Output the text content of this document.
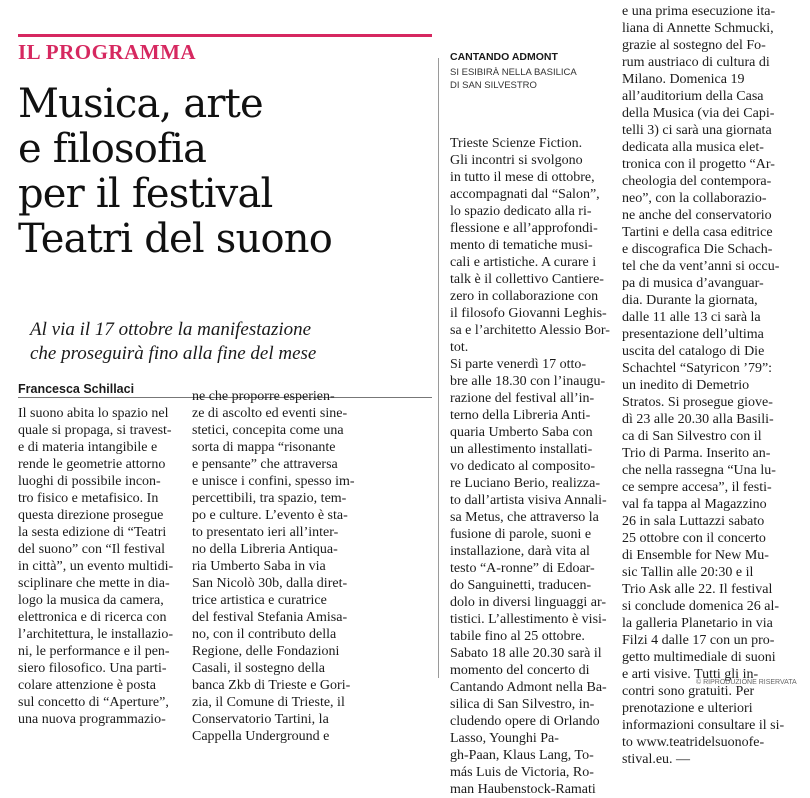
IL PROGRAMMA
Musica, arte
e filosofia
per il festival
Teatri del suono
Al via il 17 ottobre la manifestazione
che proseguirà fino alla fine del mese
Francesca Schillaci
CANTANDO ADMONT
SI ESIBIRÀ NELLA BASILICA
DI SAN SILVESTRO
Il suono abita lo spazio nel
quale si propaga, si travest-
e di materia intangibile e
rende le geometrie attorno
luoghi di possibile incon-
tro fisico e metafisico. In
questa direzione prosegue
la sesta edizione di “Teatri
del suono” con “Il festival
in città”, un evento multidi-
sciplinare che mette in dia-
logo la musica da camera,
elettronica e di ricerca con
l’architettura, le installazio-
ni, le performance e il pen-
siero filosofico. Una parti-
colare attenzione è posta
sul concetto di “Aperture”,
una nuova programmazio-
ne che proporre esperien-
ze di ascolto ed eventi sine-
stetici, concepita come una
sorta di mappa “risonante
e pensante” che attraversa
e unisce i confini, spesso im-
percettibili, tra spazio, tem-
po e culture. L’evento è sta-
to presentato ieri all’inter-
no della Libreria Antiqua-
ria Umberto Saba in via
San Nicolò 30b, dalla diret-
trice artistica e curatrice
del festival Stefania Amisa-
no, con il contributo della
Regione, delle Fondazioni
Casali, il sostegno della
banca Zkb di Trieste e Gori-
zia, il Comune di Trieste, il
Conservatorio Tartini, la
Cappella Underground e
Trieste Scienze Fiction.
Gli incontri si svolgono
in tutto il mese di ottobre,
accompagnati dal “Salon”,
lo spazio dedicato alla ri-
flessione e all’approfondi-
mento di tematiche musi-
cali e artistiche. A curare i
talk è il collettivo Cantiere-
zero in collaborazione con
il filosofo Giovanni Leghis-
sa e l’architetto Alessio Bor-
tot.
Si parte venerdì 17 otto-
bre alle 18.30 con l’inaugu-
razione del festival all’in-
terno della Libreria Anti-
quaria Umberto Saba con
un allestimento installati-
vo dedicato al composito-
re Luciano Berio, realizza-
to dall’artista visiva Annali-
sa Metus, che attraverso la
fusione di parole, suoni e
installazione, darà vita al
testo “A-ronne” di Edoar-
do Sanguinetti, traducen-
dolo in diversi linguaggi ar-
tistici. L’allestimento è visi-
tabile fino al 25 ottobre.
Sabato 18 alle 20.30 sarà il
momento del concerto di
Cantando Admont nella Ba-
silica di San Silvestro, in-
cludendo opere di Orlando
Lasso, Younghi Pa-
gh-Paan, Klaus Lang, To-
más Luis de Victoria, Ro-
man Haubenstock-Ramati
e una prima esecuzione ita-
liana di Annette Schmucki,
grazie al sostegno del Fo-
rum austriaco di cultura di
Milano. Domenica 19
all’auditorium della Casa
della Musica (via dei Capi-
telli 3) ci sarà una giornata
dedicata alla musica elet-
tronica con il progetto “Ar-
cheologia del contempora-
neo”, con la collaborazio-
ne anche del conservatorio
Tartini e della casa editrice
e discografica Die Schach-
tel che da vent’anni si occu-
pa di musica d’avanguar-
dia. Durante la giornata,
dalle 11 alle 13 ci sarà la
presentazione dell’ultima
uscita del catalogo di Die
Schachtel “Satyricon ’79”:
un inedito di Demetrio
Stratos. Si prosegue giove-
dì 23 alle 20.30 alla Basili-
ca di San Silvestro con il
Trio di Parma. Inserito an-
che nella rassegna “Una lu-
ce sempre accesa”, il festi-
val fa tappa al Magazzino
26 in sala Luttazzi sabato
25 ottobre con il concerto
di Ensemble for New Mu-
sic Tallin alle 20:30 e il
Trio Ask alle 22. Il festival
si conclude domenica 26 al-
la galleria Planetario in via
Filzi 4 dalle 17 con un pro-
getto multimediale di suoni
e arti visive. Tutti gli in-
contri sono gratuiti. Per
prenotazione e ulteriori
informazioni consultare il si-
to www.teatridelsuonofe-
stival.eu. —
© RIPRODUZIONE RISERVATA
